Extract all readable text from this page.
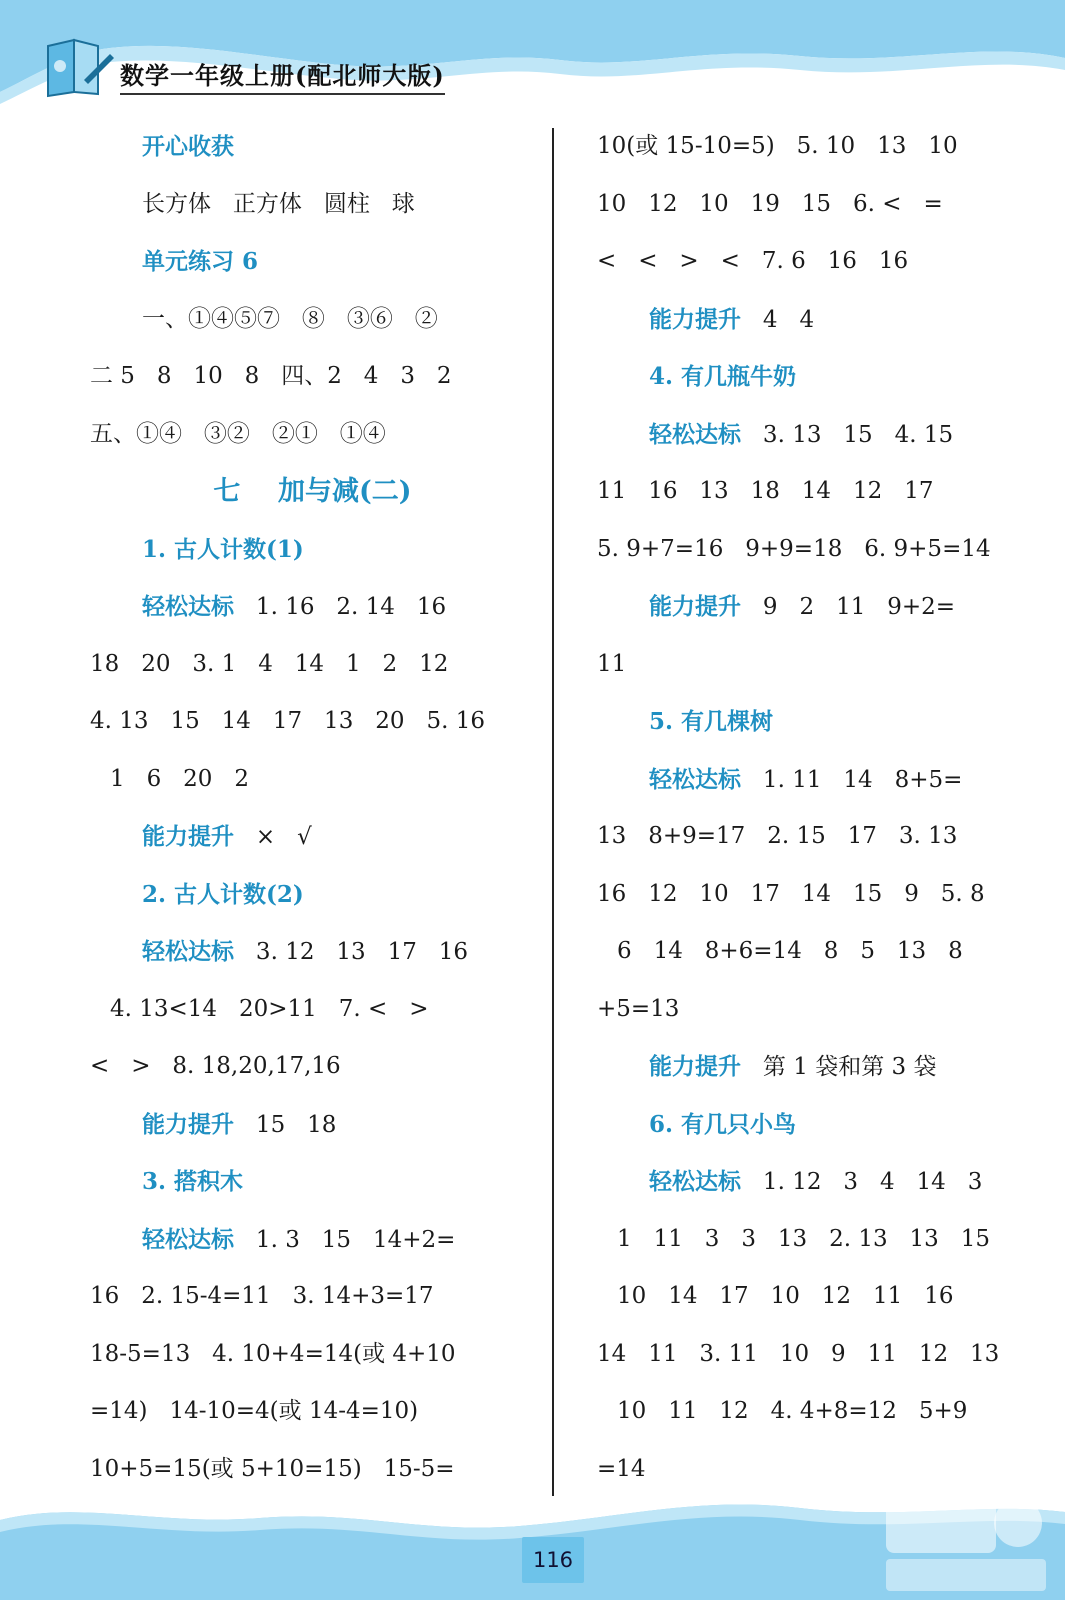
数学一年级上册(配北师大版)
开心收获
长方体   正方体   圆柱   球
单元练习 6
一、①④⑤⑦   ⑧   ③⑥   ②
二 5   8   10   8   四、2   4   3   2
五、①④   ③②   ②①   ①④
七    加与减(二)
1. 古人计数(1)
轻松达标   1. 16   2. 14   16
18   20   3. 1   4   14   1   2   12
4. 13   15   14   17   13   20   5. 16
1   6   20   2
能力提升   ×   √
2. 古人计数(2)
轻松达标   3. 12   13   17   16
4. 13<14   20>11   7. <   >
<   >   8. 18,20,17,16
能力提升   15   18
3. 搭积木
轻松达标   1. 3   15   14+2=
16   2. 15-4=11   3. 14+3=17
18-5=13   4. 10+4=14(或 4+10
=14)   14-10=4(或 14-4=10)
10+5=15(或 5+10=15)   15-5=
10(或 15-10=5)   5. 10   13   10
10   12   10   19   15   6. <   =
<   <   >   <   7. 6   16   16
能力提升   4   4
4. 有几瓶牛奶
轻松达标   3. 13   15   4. 15
11   16   13   18   14   12   17
5. 9+7=16   9+9=18   6. 9+5=14
能力提升   9   2   11   9+2=
11
5. 有几棵树
轻松达标   1. 11   14   8+5=
13   8+9=17   2. 15   17   3. 13
16   12   10   17   14   15   9   5. 8
6   14   8+6=14   8   5   13   8
+5=13
能力提升   第 1 袋和第 3 袋
6. 有几只小鸟
轻松达标   1. 12   3   4   14   3
1   11   3   3   13   2. 13   13   15
10   14   17   10   12   11   16
14   11   3. 11   10   9   11   12   13
10   11   12   4. 4+8=12   5+9
=14
116
